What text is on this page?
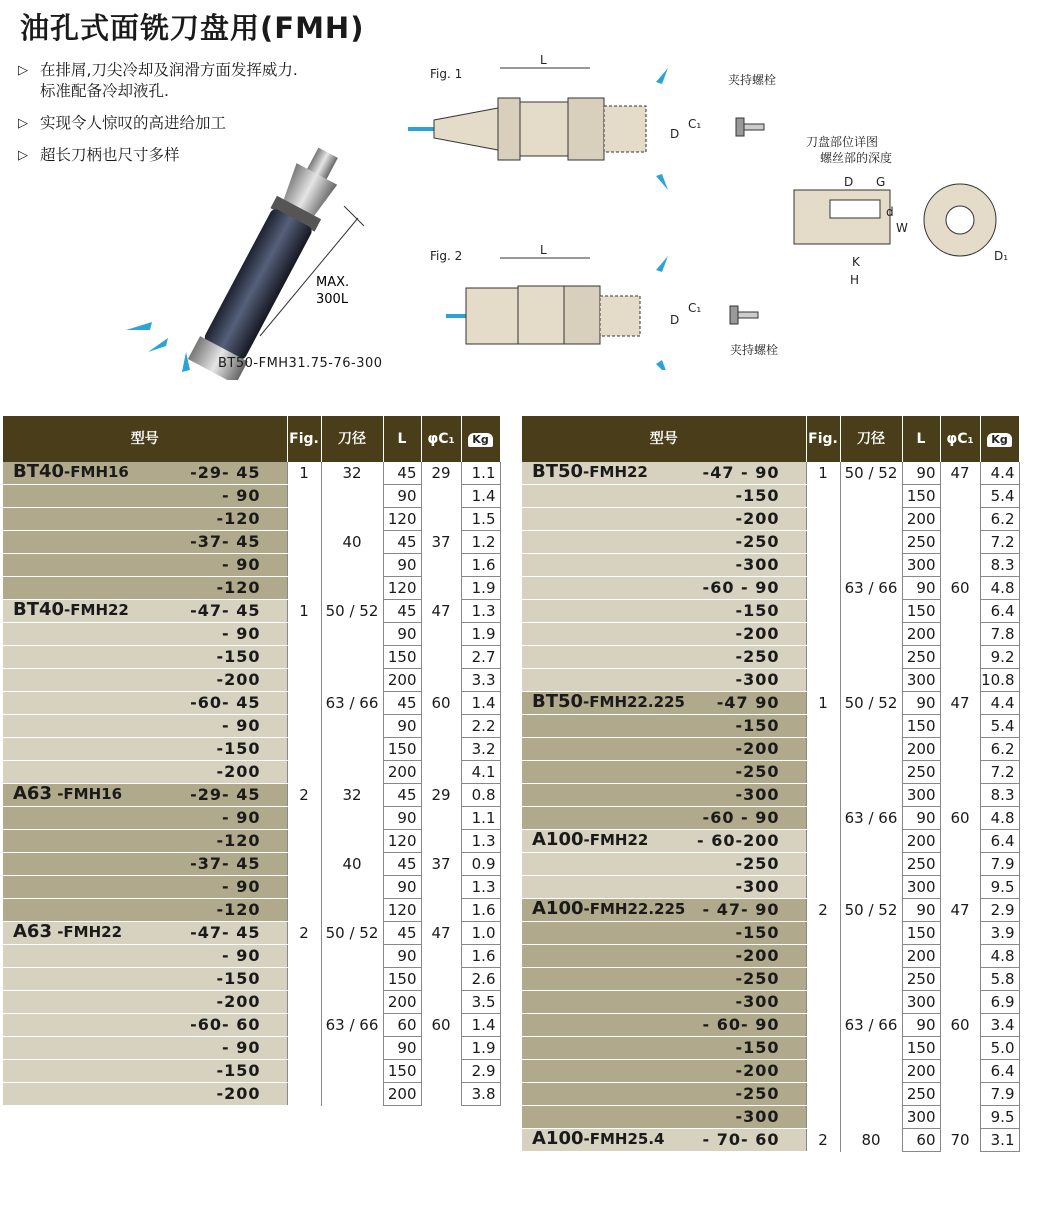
油孔式面铣刀盘用(FMH)
▷ 在排屑,刀尖冷却及润滑方面发挥威力.
标准配备冷却液孔.
▷ 实现令人惊叹的高进给加工
▷ 超长刀柄也尺寸多样
MAX.
300L
BT50-FMH31.75-76-300
Fig. 1
L
C₁
D
夹持螺栓
Fig. 2	L
C₁
D
夹持螺栓
刀盘部位详图
螺丝部的深度
D G
d
W
K
H
D₁
型号	Fig.	刀径	L	φC₁	Kg

BT40-FMH16 -29- 45	1	32	45	29	1.1
- 90			90		1.4
-120			120		1.5
-37- 45		40	45	37	1.2
- 90			90		1.6
-120			120		1.9

BT40-FMH22 -47- 45	1	50 / 52	45	47	1.3
- 90			90		1.9
-150			150		2.7
-200			200		3.3
-60- 45		63 / 66	45	60	1.4
- 90			90		2.2
-150			150		3.2
-200			200		4.1

A63 -FMH16 -29- 45	2	32	45	29	0.8
- 90			90		1.1
-120			120		1.3
-37- 45		40	45	37	0.9
- 90			90		1.3
-120			120		1.6

A63 -FMH22 -47- 45	2	50 / 52	45	47	1.0
- 90			90		1.6
-150			150		2.6
-200			200		3.5
-60- 60		63 / 66	60	60	1.4
- 90			90		1.9
-150			150		2.9
-200			200		3.8
型号	Fig.	刀径	L	φC₁	Kg

BT50-FMH22 -47 - 90	1	50 / 52	90	47	4.4
-150			150		5.4
-200			200		6.2
-250			250		7.2
-300			300		8.3
-60 - 90		63 / 66	90	60	4.8
-150			150		6.4
-200			200		7.8
-250			250		9.2
-300			300		10.8

BT50-FMH22.225 -47 90	1	50 / 52	90	47	4.4
-150			150		5.4
-200			200		6.2
-250			250		7.2
-300			300		8.3
-60 - 90		63 / 66	90	60	4.8

A100-FMH22 - 60-200			200		6.4
-250			250		7.9
-300			300		9.5

A100-FMH22.225 - 47- 90	2	50 / 52	90	47	2.9
-150			150		3.9
-200			200		4.8
-250			250		5.8
-300			300		6.9
- 60- 90		63 / 66	90	60	3.4
-150			150		5.0
-200			200		6.4
-250			250		7.9
-300			300		9.5

A100-FMH25.4 - 70- 60	2	80	60	70	3.1
